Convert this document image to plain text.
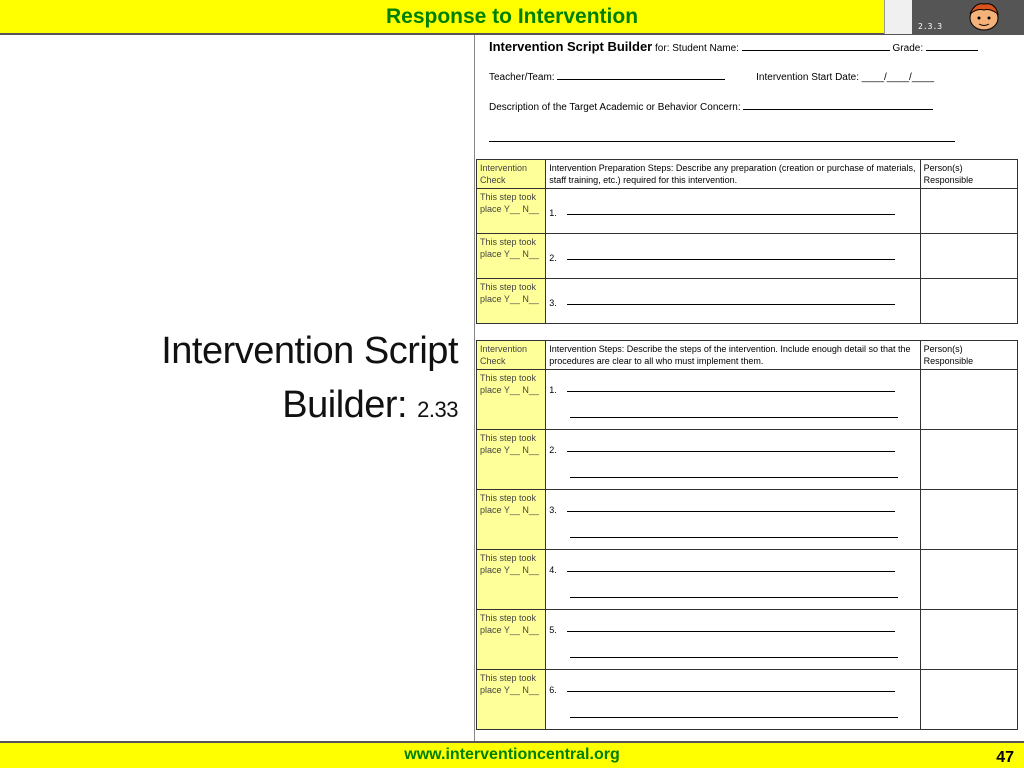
Response to Intervention	2.3.3
Intervention Script
Builder: 2.33
Intervention Script Builder for: Student Name:	Grade:
Teacher/Team:	Intervention Start Date: ____/____/____
Description of the Target Academic or Behavior Concern:
Intervention Check	Intervention Preparation Steps: Describe any preparation (creation or purchase of materials, staff training, etc.) required for this intervention.	Person(s) Responsible
This step took place Y__ N__	1.	

This step took place Y__ N__	2.	

This step took place Y__ N__	3.	

Intervention Check	Intervention Steps: Describe the steps of the intervention. Include enough detail so that the procedures are clear to all who must implement them.	Person(s) Responsible
This step took place Y__ N__	1.	

This step took place Y__ N__	2.	

This step took place Y__ N__	3.	

This step took place Y__ N__	4.	

This step took place Y__ N__	5.	

This step took place Y__ N__	6.	

www.interventioncentral.org	47
